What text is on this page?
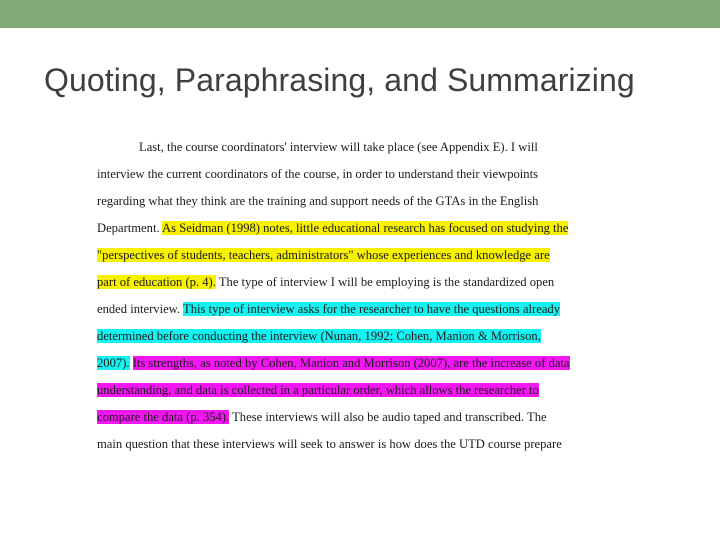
Quoting, Paraphrasing, and Summarizing
Last, the course coordinators' interview will take place (see Appendix E). I will
interview the current coordinators of the course, in order to understand their viewpoints
regarding what they think are the training and support needs of the GTAs in the English
Department. As Seidman (1998) notes, little educational research has focused on studying the
"perspectives of students, teachers, administrators" whose experiences and knowledge are
part of education (p. 4). The type of interview I will be employing is the standardized open
ended interview. This type of interview asks for the researcher to have the questions already
determined before conducting the interview (Nunan, 1992; Cohen, Manion & Morrison,
2007). Its strengths, as noted by Cohen, Manion and Morrison (2007), are the increase of data
understanding, and data is collected in a particular order, which allows the researcher to
compare the data (p. 354). These interviews will also be audio taped and transcribed. The
main question that these interviews will seek to answer is how does the UTD course prepare
